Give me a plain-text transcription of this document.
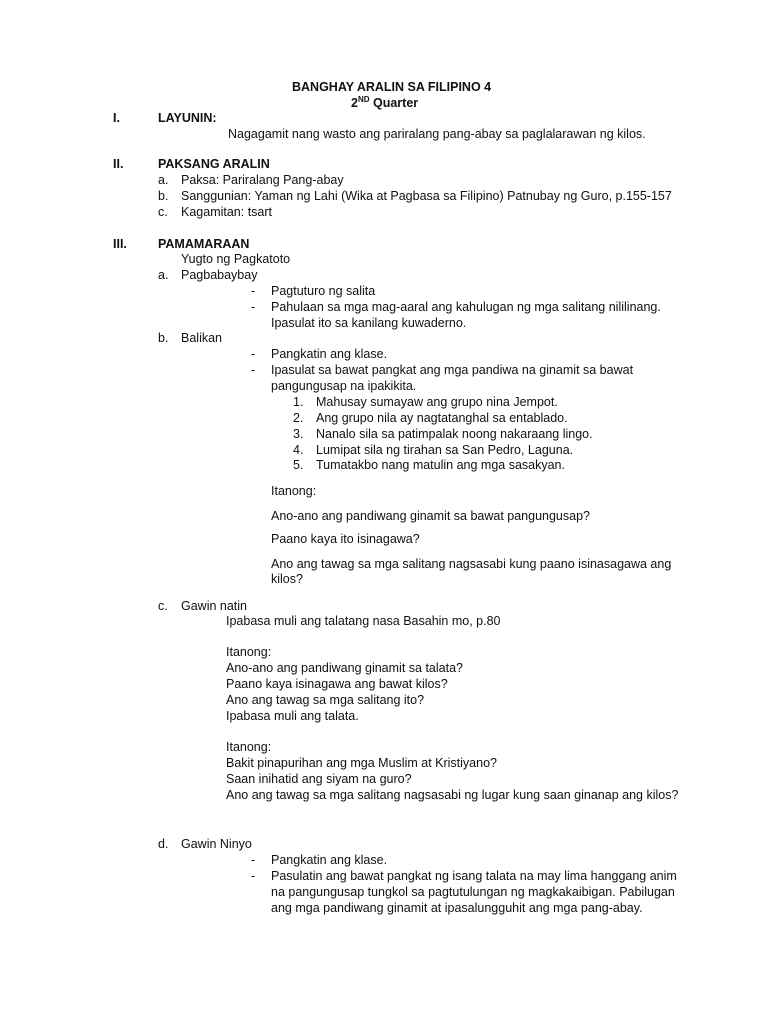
BANGHAY ARALIN SA FILIPINO 4
2ND Quarter
I.	LAYUNIN:
Nagagamit nang wasto ang pariralang pang-abay sa paglalarawan ng kilos.
II.	PAKSANG ARALIN
a. Paksa: Pariralang Pang-abay
b. Sanggunian: Yaman ng Lahi (Wika at Pagbasa sa Filipino) Patnubay ng Guro, p.155-157
c. Kagamitan: tsart
III. PAMAMARAAN
Yugto ng Pagkatoto
a. Pagbabaybay
- Pagtuturo ng salita
- Pahulaan sa mga mag-aaral ang kahulugan ng mga salitang nililinang.
Ipasulat ito sa kanilang kuwaderno.
b. Balikan
- Pangkatin ang klase.
- Ipasulat sa bawat pangkat ang mga pandiwa na ginamit sa bawat
pangungusap na ipakikita.
1. Mahusay sumayaw ang grupo nina Jempot.
2. Ang grupo nila ay nagtatanghal sa entablado.
3. Nanalo sila sa patimpalak noong nakaraang lingo.
4. Lumipat sila ng tirahan sa San Pedro, Laguna.
5. Tumatakbo nang matulin ang mga sasakyan.
Itanong:
Ano-ano ang pandiwang ginamit sa bawat pangungusap?
Paano kaya ito isinagawa?
Ano ang tawag sa mga salitang nagsasabi kung paano isinasagawa ang
kilos?
c. Gawin natin
Ipabasa muli ang talatang nasa Basahin mo, p.80
Itanong:
Ano-ano ang pandiwang ginamit sa talata?
Paano kaya isinagawa ang bawat kilos?
Ano ang tawag sa mga salitang ito?
Ipabasa muli ang talata.
Itanong:
Bakit pinapurihan ang mga Muslim at Kristiyano?
Saan inihatid ang siyam na guro?
Ano ang tawag sa mga salitang nagsasabi ng lugar kung saan ginanap ang kilos?
d. Gawin Ninyo
- Pangkatin ang klase.
- Pasulatin ang bawat pangkat ng isang talata na may lima hanggang anim
na pangungusap tungkol sa pagtutulungan ng magkakaibigan. Pabilugan
ang mga pandiwang ginamit at ipasalungguhit ang mga pang-abay.
